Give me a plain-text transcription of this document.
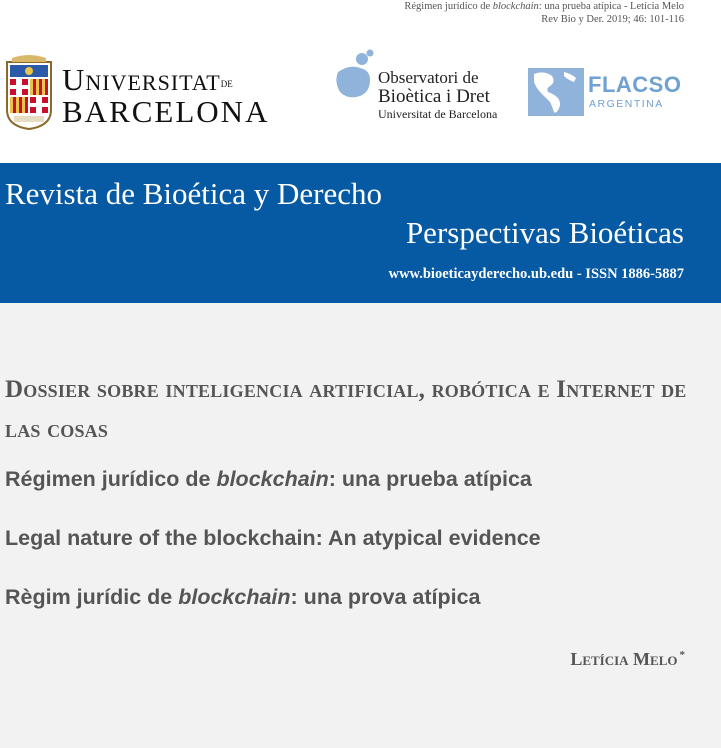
Régimen jurídico de blockchain: una prueba atípica - Letícia Melo
Rev Bio y Der. 2019; 46: 101-116
Universitatde
BARCELONA
Observatori de
Bioètica i Dret
Universitat de Barcelona
FLACSO
ARGENTINA
Revista de Bioética y Derecho
Perspectivas Bioéticas
www.bioeticayderecho.ub.edu - ISSN 1886-5887
Dossier sobre inteligencia artificial, robótica e Internet de las cosas
Régimen jurídico de blockchain: una prueba atípica
Legal nature of the blockchain: An atypical evidence
Règim jurídic de blockchain: una prova atípica
Letícia Melo *
